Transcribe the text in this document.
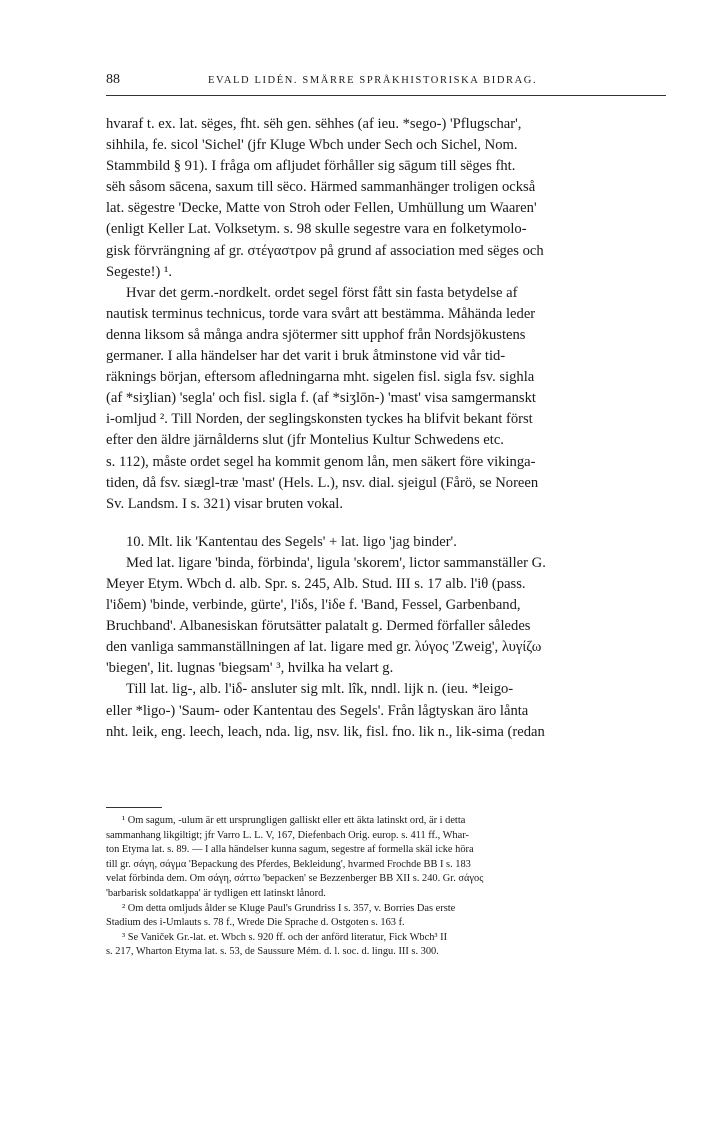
88	EVALD LIDÉN. SMÄRRE SPRÅKHISTORISKA BIDRAG.

hvaraf t. ex. lat. sëges, fht. sëh gen. sëhhes (af ieu. *sego-) 'Pflugschar',

sihhila, fe. sicol 'Sichel' (jfr Kluge Wbch under Sech och Sichel, Nom.

Stammbild § 91). I fråga om afljudet förhåller sig sāgum till sëges fht.

sëh såsom sācena, saxum till sëco. Härmed sammanhänger troligen också

lat. sëgestre 'Decke, Matte von Stroh oder Fellen, Umhüllung um Waaren'

(enligt Keller Lat. Volksetym. s. 98 skulle segestre vara en folketymolo-

gisk förvrängning af gr. στέγαστρον på grund af association med sëges och

Segeste!) ¹.

Hvar det germ.-nordkelt. ordet segel först fått sin fasta betydelse af

nautisk terminus technicus, torde vara svårt att bestämma. Måhända leder

denna liksom så många andra sjötermer sitt upphof från Nordsjökustens

germaner. I alla händelser har det varit i bruk åtminstone vid vår tid-

räknings början, eftersom afledningarna mht. sigelen fisl. sigla fsv. sighla

(af *siʒlian) 'segla' och fisl. sigla f. (af *siʒlōn-) 'mast' visa samgermanskt

i-omljud ². Till Norden, der seglingskonsten tyckes ha blifvit bekant först

efter den äldre järnålderns slut (jfr Montelius Kultur Schwedens etc.

s. 112), måste ordet segel ha kommit genom lån, men säkert före vikinga-

tiden, då fsv. siægl-træ 'mast' (Hels. L.), nsv. dial. sjeigul (Fårö, se Noreen

Sv. Landsm. I s. 321) visar bruten vokal.

10. Mlt. lik 'Kantentau des Segels' + lat. ligo 'jag binder'.

Med lat. ligare 'binda, förbinda', ligula 'skorem', lictor sammanställer G.

Meyer Etym. Wbch d. alb. Spr. s. 245, Alb. Stud. III s. 17 alb. l'iθ (pass.

l'iδem) 'binde, verbinde, gürte', l'iδs, l'iδe f. 'Band, Fessel, Garbenband,

Bruchband'. Albanesiskan förutsätter palatalt g. Dermed förfaller således

den vanliga sammanställningen af lat. ligare med gr. λύγος 'Zweig', λυγίζω

'biegen', lit. lugnas 'biegsam' ³, hvilka ha velart g.

Till lat. lig-, alb. l'iδ- ansluter sig mlt. lîk, nndl. lijk n. (ieu. *leigo-

eller *ligo-) 'Saum- oder Kantentau des Segels'. Från lågtyskan äro lånta

nht. leik, eng. leech, leach, nda. lig, nsv. lik, fisl. fno. lik n., lik-sima (redan

¹ Om sagum, -ulum är ett ursprungligen galliskt eller ett äkta latinskt ord, är i detta

sammanhang likgiltigt; jfr Varro L. L. V, 167, Diefenbach Orig. europ. s. 411 ff., Whar-

ton Etyma lat. s. 89. — I alla händelser kunna sagum, segestre af formella skäl icke höra

till gr. σάγη, σάγμα 'Bepackung des Pferdes, Bekleidung', hvarmed Frochde BB I s. 183

velat förbinda dem. Om σάγη, σάττω 'bepacken' se Bezzenberger BB XII s. 240. Gr. σάγος

'barbarisk soldatkappa' är tydligen ett latinskt lånord.

² Om detta omljuds ålder se Kluge Paul's Grundriss I s. 357, v. Borries Das erste

Stadium des i-Umlauts s. 78 f., Wrede Die Sprache d. Ostgoten s. 163 f.

³ Se Vaniček Gr.-lat. et. Wbch s. 920 ff. och der anförd literatur, Fick Wbch³ II

s. 217, Wharton Etyma lat. s. 53, de Saussure Mém. d. l. soc. d. lingu. III s. 300.
